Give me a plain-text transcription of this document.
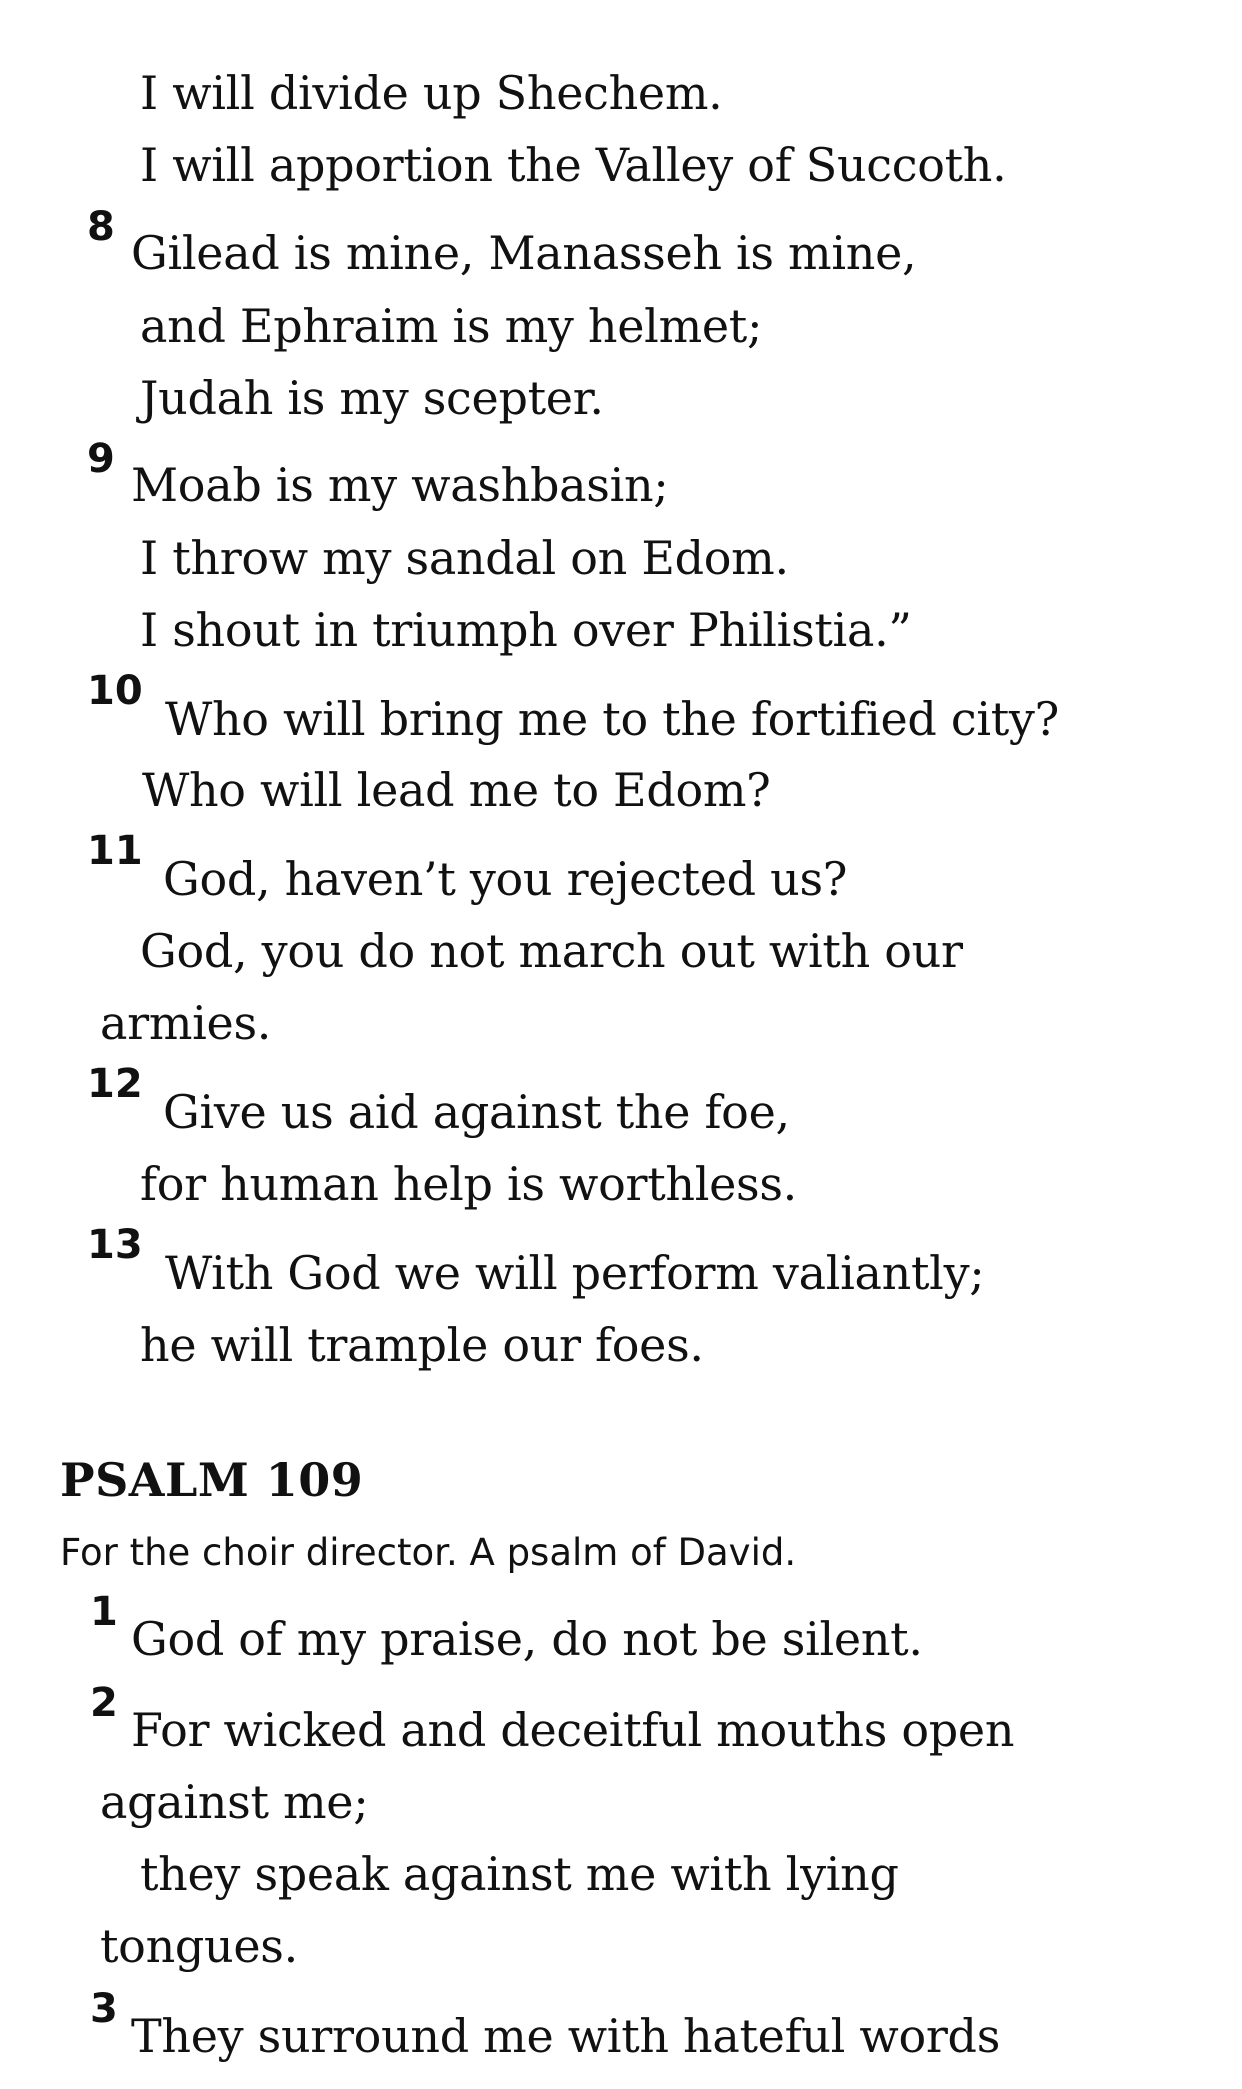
I will divide up Shechem.
I will apportion the Valley of Succoth.
8 Gilead is mine, Manasseh is mine,
and Ephraim is my helmet;
Judah is my scepter.
9 Moab is my washbasin;
I throw my sandal on Edom.
I shout in triumph over Philistia.”
10
Who will bring me to the fortified city?
Who will lead me to Edom?
11
God, haven’t you rejected us?
God, you do not march out with our
armies.
12
Give us aid against the foe,
for human help is worthless.
13
With God we will perform valiantly;
he will trample our foes.
PSALM 109
For the choir director. A psalm of David.
1 God of my praise, do not be silent.
2 For wicked and deceitful mouths open
against me;
they speak against me with lying
tongues.
3 They surround me with hateful words
